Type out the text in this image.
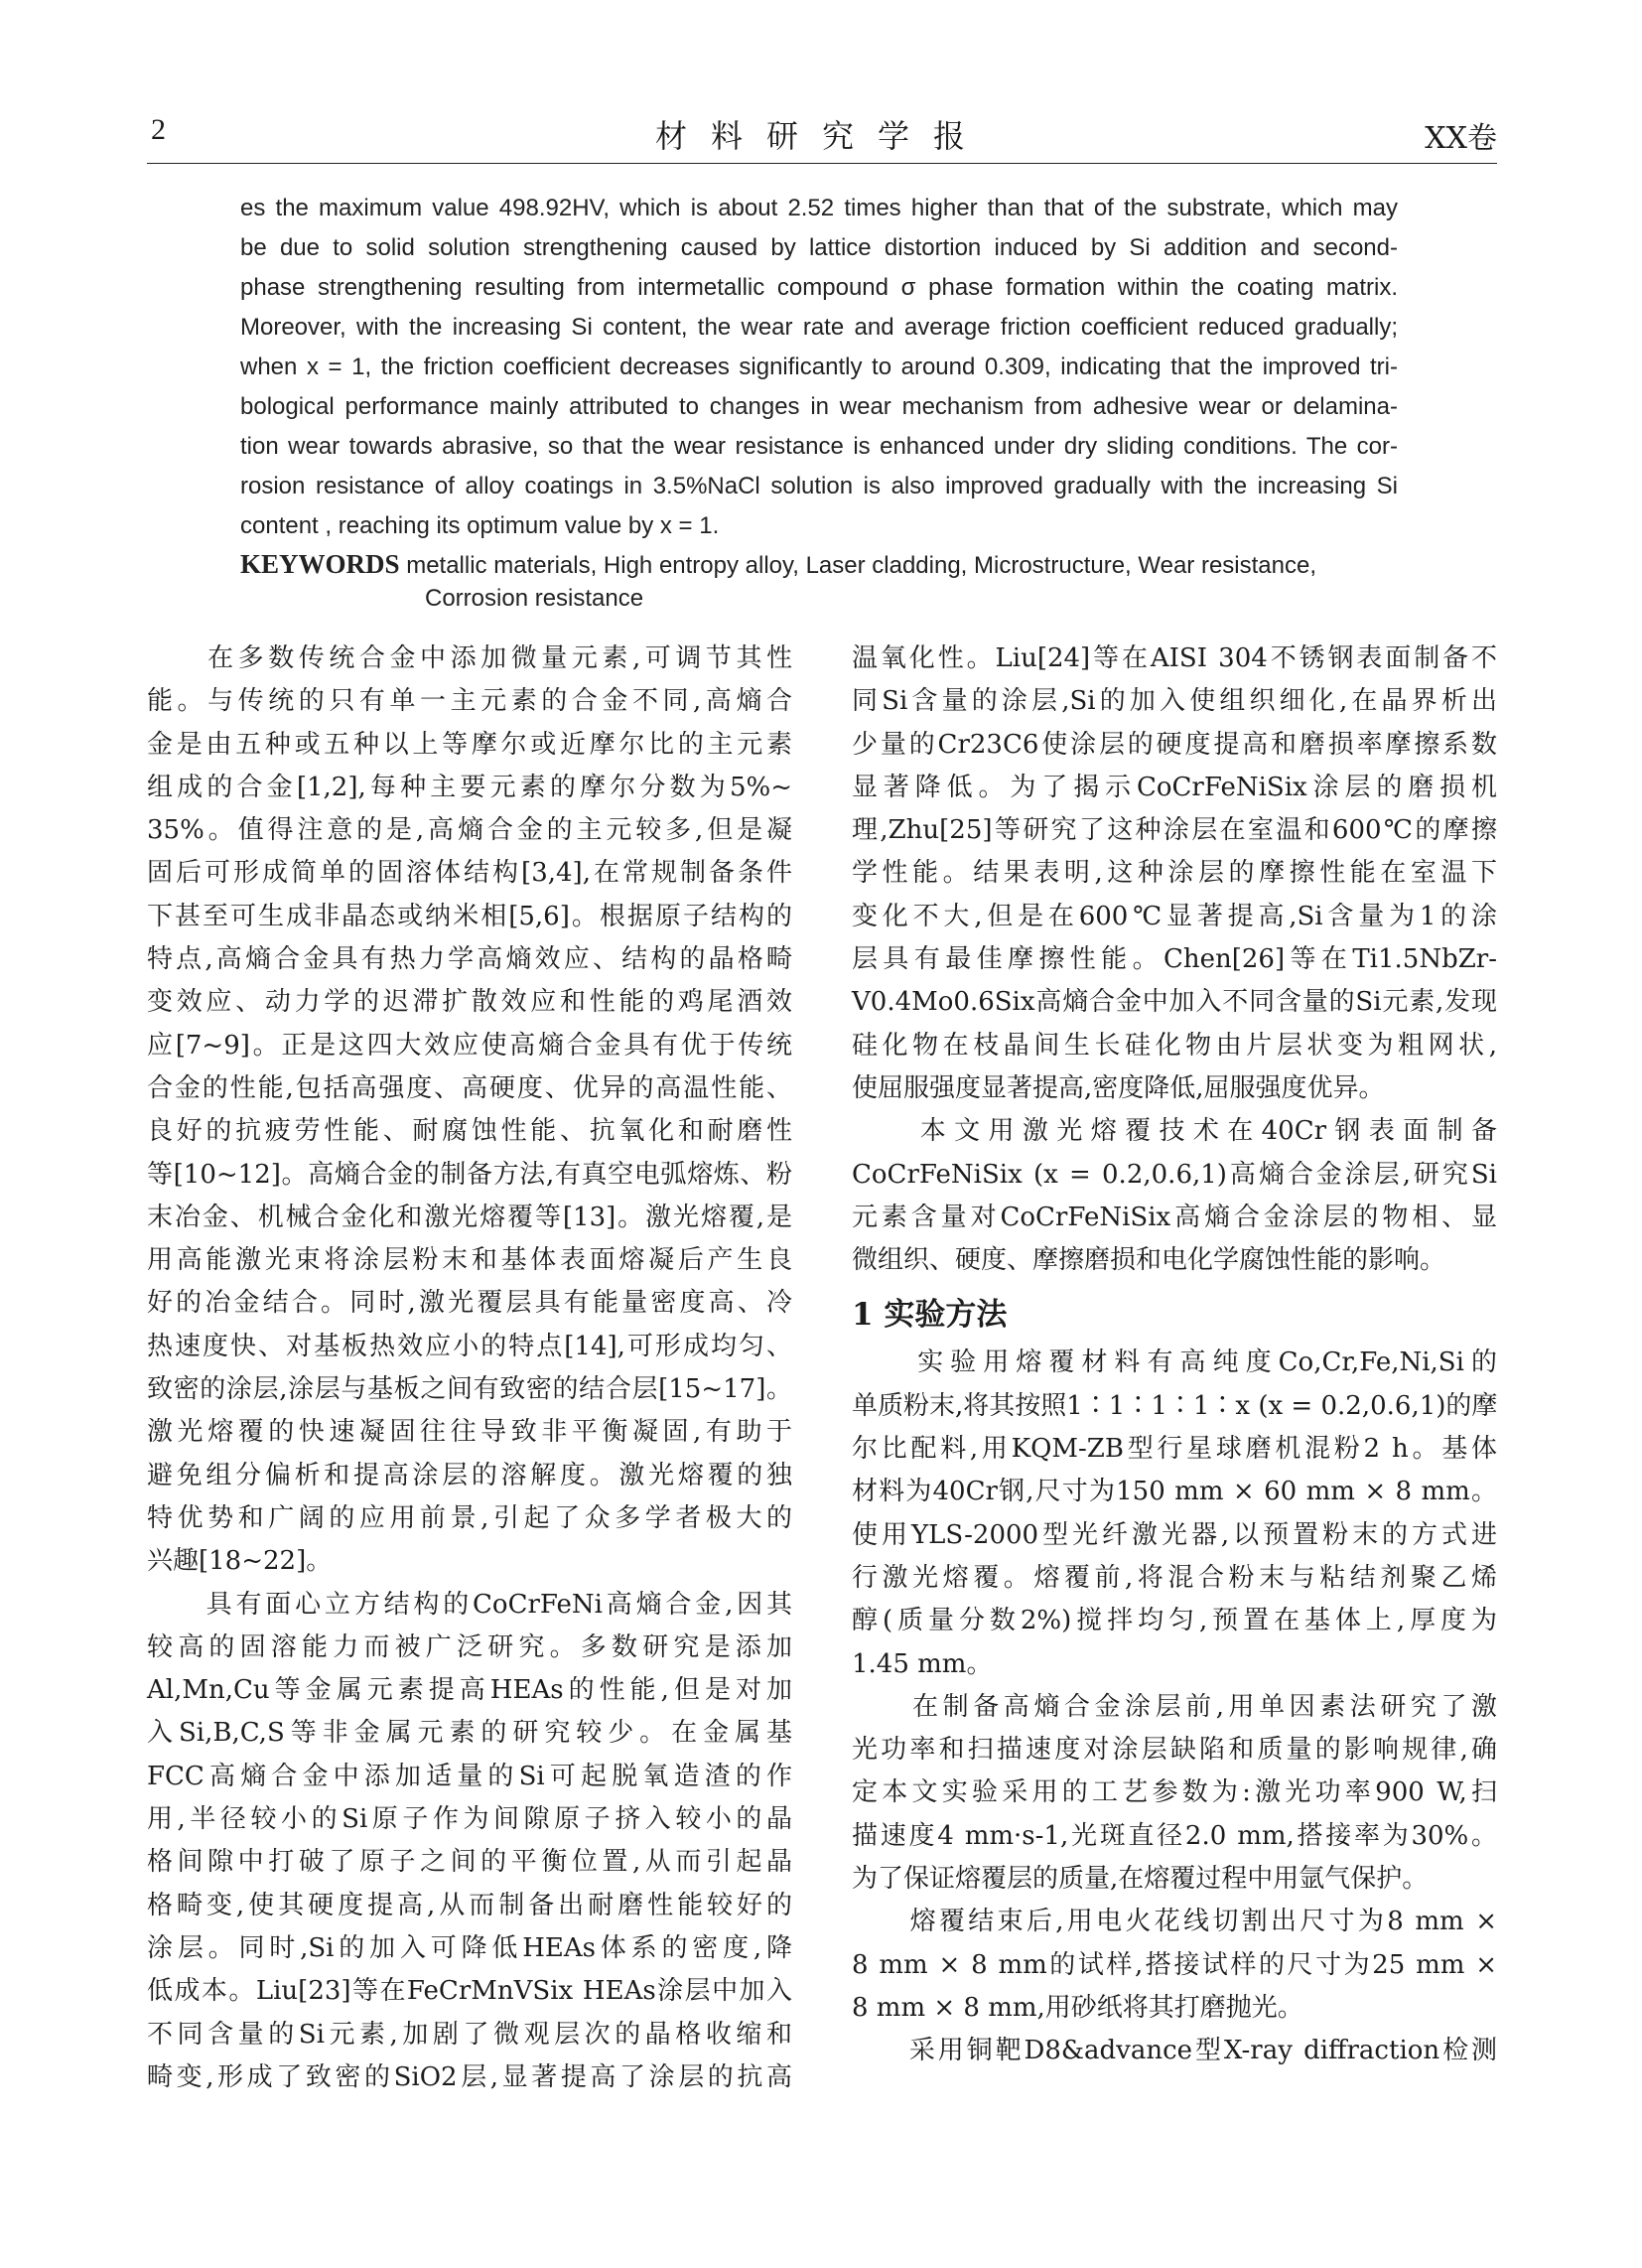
2	材料研究学报	XX卷
es the maximum value 498.92HV, which is about 2.52 times higher than that of the substrate, which may
be due to solid solution strengthening caused by lattice distortion induced by Si addition and second-
phase strengthening resulting from intermetallic compound σ phase formation within the coating matrix.
Moreover, with the increasing Si content, the wear rate and average friction coefficient reduced gradually;
when x = 1, the friction coefficient decreases significantly to around 0.309, indicating that the improved tri-
bological performance mainly attributed to changes in wear mechanism from adhesive wear or delamina-
tion wear towards abrasive, so that the wear resistance is enhanced under dry sliding conditions. The cor-
rosion resistance of alloy coatings in 3.5%NaCl solution is also improved gradually with the increasing Si
content , reaching its optimum value by x = 1.
KEYWORDS metallic materials, High entropy alloy, Laser cladding, Microstructure, Wear resistance,
Corrosion resistance
　　在多数传统合金中添加微量元素,可调节其性
能。与传统的只有单一主元素的合金不同,高熵合
金是由五种或五种以上等摩尔或近摩尔比的主元素
组成的合金[1,2],每种主要元素的摩尔分数为5%~
35%。值得注意的是,高熵合金的主元较多,但是凝
固后可形成简单的固溶体结构[3,4],在常规制备条件
下甚至可生成非晶态或纳米相[5,6]。根据原子结构的
特点,高熵合金具有热力学高熵效应、结构的晶格畸
变效应、动力学的迟滞扩散效应和性能的鸡尾酒效
应[7~9]。正是这四大效应使高熵合金具有优于传统
合金的性能,包括高强度、高硬度、优异的高温性能、
良好的抗疲劳性能、耐腐蚀性能、抗氧化和耐磨性
等[10~12]。高熵合金的制备方法,有真空电弧熔炼、粉
末冶金、机械合金化和激光熔覆等[13]。激光熔覆,是
用高能激光束将涂层粉末和基体表面熔凝后产生良
好的冶金结合。同时,激光覆层具有能量密度高、冷
热速度快、对基板热效应小的特点[14],可形成均匀、
致密的涂层,涂层与基板之间有致密的结合层[15~17]。
激光熔覆的快速凝固往往导致非平衡凝固,有助于
避免组分偏析和提高涂层的溶解度。激光熔覆的独
特优势和广阔的应用前景,引起了众多学者极大的
兴趣[18~22]。
　　具有面心立方结构的CoCrFeNi高熵合金,因其
较高的固溶能力而被广泛研究。多数研究是添加
Al,Mn,Cu等金属元素提高HEAs的性能,但是对加
入Si,B,C,S等非金属元素的研究较少。在金属基
FCC高熵合金中添加适量的Si可起脱氧造渣的作
用,半径较小的Si原子作为间隙原子挤入较小的晶
格间隙中打破了原子之间的平衡位置,从而引起晶
格畸变,使其硬度提高,从而制备出耐磨性能较好的
涂层。同时,Si的加入可降低HEAs体系的密度,降
低成本。Liu[23]等在FeCrMnVSix HEAs涂层中加入
不同含量的Si元素,加剧了微观层次的晶格收缩和
畸变,形成了致密的SiO2层,显著提高了涂层的抗高
温氧化性。Liu[24]等在AISI 304不锈钢表面制备不
同Si含量的涂层,Si的加入使组织细化,在晶界析出
少量的Cr23C6使涂层的硬度提高和磨损率摩擦系数
显著降低。为了揭示CoCrFeNiSix涂层的磨损机
理,Zhu[25]等研究了这种涂层在室温和600℃的摩擦
学性能。结果表明,这种涂层的摩擦性能在室温下
变化不大,但是在600℃显著提高,Si含量为1的涂
层具有最佳摩擦性能。Chen[26]等在Ti1.5NbZr-
V0.4Mo0.6Six高熵合金中加入不同含量的Si元素,发现
硅化物在枝晶间生长硅化物由片层状变为粗网状,
使屈服强度显著提高,密度降低,屈服强度优异。
　　本文用激光熔覆技术在40Cr钢表面制备
CoCrFeNiSix (x = 0.2,0.6,1)高熵合金涂层,研究Si
元素含量对CoCrFeNiSix高熵合金涂层的物相、显
微组织、硬度、摩擦磨损和电化学腐蚀性能的影响。
1 实验方法
　　实验用熔覆材料有高纯度Co,Cr,Fe,Ni,Si的
单质粉末,将其按照1∶1∶1∶1∶x (x = 0.2,0.6,1)的摩
尔比配料,用KQM-ZB型行星球磨机混粉2 h。基体
材料为40Cr钢,尺寸为150 mm × 60 mm × 8 mm。
使用YLS-2000型光纤激光器,以预置粉末的方式进
行激光熔覆。熔覆前,将混合粉末与粘结剂聚乙烯
醇(质量分数2%)搅拌均匀,预置在基体上,厚度为
1.45 mm。
　　在制备高熵合金涂层前,用单因素法研究了激
光功率和扫描速度对涂层缺陷和质量的影响规律,确
定本文实验采用的工艺参数为:激光功率900 W,扫
描速度4 mm·s-1,光斑直径2.0 mm,搭接率为30%。
为了保证熔覆层的质量,在熔覆过程中用氩气保护。
　　熔覆结束后,用电火花线切割出尺寸为8 mm ×
8 mm × 8 mm的试样,搭接试样的尺寸为25 mm ×
8 mm × 8 mm,用砂纸将其打磨抛光。
　　采用铜靶D8&advance型X-ray diffraction检测
